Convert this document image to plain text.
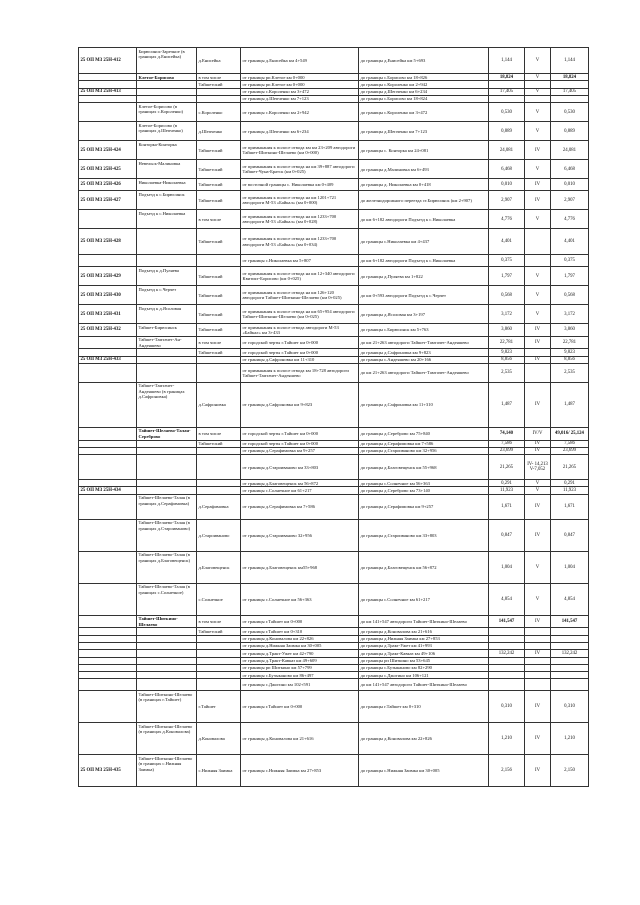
25 ОП МЗ 25Н-412	Бирюсинск-Заречное (в границах д.Енисейка)	д.Енисейка	от границы д.Енисейка км 4+549	до границы д.Енисейка км 5+693	1,144	V	1,144
	Клетое-Борисово	в том числе	от границы рп.Клетое км 0+000	до границы с.Борисово км 18+826	18,824	V	18,824
		Тайшетский	от границы рп.Клетое км 0+000	до границы с.Короленко км 2+942			
25 ОП МЗ 25Н-413			от границы с.Короленко км 3+472	до границы д.Шепченко км 6+234	17,405	V	17,405
			от границы д.Шепченко км 7+123	до границы с.Борисово км 18+824			
	Клетое-Борисово (в границах с.Короленко)	с.Короленко	от границы с.Короленко км 2+942	до границы с.Короленко км 3+472	0,530	V	0,530
	Клетое-Борисово (в границах д.Шепченко)	д.Шепченко	от границы д.Шепченко км 6+234	до границы д.Шепченко км 7+123	0,889	V	0,889
25 ОП МЗ 25Н-424	Конторка-Конторка	Тайшетский	от примыкания к полосе отвода км км 23+209 автодороги Тайшет-Шиткино-Шелаево (км 0+000)	до границы с. Конторка км 24+081	24,081	IV	24,081
25 ОП МЗ 25Н-425	Невельск-Малиновка	Тайшетский	от примыкания к полосе отвода на км 39+887 автодороги Тайшет-Чуна-Братск (км 0+025)	до границы д.Малиновка км 6+493	6,468	V	6,468
25 ОП МЗ 25Н-426	Николаевка-Николаевка	Тайшетский	от восточной границы с. Николаевка км 0+409	до границы д. Николаевка км 0+418	0,010	IV	0,010
25 ОП МЗ 25Н-427	Подъезд к с.Бирюсинск	Тайшетский	от примыкания к полосе отвода на км 1201+721 автодороги М-53 «Байкал» (км 0+000)	до железнодорожного переезда ст.Бирюсинск (км 2+907)	2,907	IV	2,907
	Подъезд к с.Николаевка	в том числе	от примыкания к полосе отвода на км 1233+700 автодороги М-53 «Байкал» (км 0+028)	до км 6+182 автодороги Подъезд к с.Николаевка	4,776	V	4,776
25 ОП МЗ 25Н-428		Тайшетский	от примыкания к полосе отвода на км 1233+700 автодороги М-53 «Байкал» (км 0+034)	до границы с.Николаевка км 4+437	4,401		4,401
			от границы с.Николаевка км 5+807	до км 6+182 автодороги Подъезд к с.Николаевка	0,375		0,375
25 ОП МЗ 25Н-429	Подъезд к д.Пуляева	Тайшетский	от примыкания к полосе отвода на км 12+340 автодороги Квитокт-Борисово (км 0+025)	до границы д.Пуляева км 1+822	1,797	V	1,797
25 ОП МЗ 25Н-430	Подъезд к с.Черчет	Тайшетский	от примыкания к полосе отвода на км 126+120 автодороги Тайшет-Шиткино-Шелаево (км 0+025)	до км 0+593 автодороги Подъезд к с.Черчет	0,568	V	0,568
25 ОП МЗ 25Н-431	Подъезд к д.Ясоловая	Тайшетский	от примыкания к полосе отвода на км 65+954 автодороги Тайшет-Шиткино-Шелаево (км 0+025)	до границы д.Ясоловая км 3+197	3,172	V	3,172
25 ОП МЗ 25Н-432	Тайшет-Бирюсинск	Тайшетский	от примыкания к полосе отвода автодороги М-53 «Байкал» км 3+433	до границы с.Бирюсинск км 5+763	3,860	IV	3,860
	Тайшет-Тамтачет-Ан-Андеяшево	в том числе	от городской черты г.Тайшет км 0+000	до км 21+263 автодороги Тайшет-Тамтачет-Андеяшево	22,781	IV	22,781
		Тайшетский	от городской черты г.Тайшет км 0+000	до границы д.Сафроновка км 9+823	9,823		9,823
25 ОП МЗ 25Н-433			от границы д.Сафроновка км 11+310	до границы с.Андеяшево км 20+166	8,856	IV	8,856
			от примыкания к полосе отвода км 18+728 автодороги Тайшет-Тамтачет-Андеяшево	до км 21+263 автодороги Тайшет-Тамтачет-Андеяшево	2,535		2,535
	Тайшет-Тамтачет-Андеяшево (в границах д.Сафроновка)	д.Сафроновка	от границы д.Сафроновка км 9+823	до границы д.Сафроновка км 11+310	1,487	IV	1,487
	Тайшет-Шелаево-Талая-Сереброво	в том числе	от городской черты г.Тайшет км 0+000	до границы д.Сереброво км 75+840	74,140	IV/V	49,016/ 25,124
		Тайшетский	от городской черты г.Тайшет км 0+000	до границы д.Серафимовка км 7+586	7,586	IV	7,586
			от границы д.Серафимовка км 9+257	до границы д.Староиваново км 32+956	23,699	IV	23,699
			от границы д.Староиваново км 33+803	до границы д.Благовещенск км 55+968	21,265	IV- 14,213 V-7,052	21,265
			от границы д.Благовещенск км 56+872	до границы с.Солнечное км 56+363	0,291	V	0,291
25 ОП МЗ 25Н-434			от границы с.Солнечное км 61+217	до границы д.Сереброво км 73+140	11,923	V	11,923
	Тайшет-Шелаево-Талая (в границах д.Серафимовка)	д.Серафимовка	от границы д.Серафимовка км 7+586	до границы д.Серафимовка км 9+257	1,671	IV	1,671
	Тайшет-Шелаево-Талая (в границах д.Староиваново)	д.Староиваново	от границы д.Староиваново 32+956	до границы д.Староиваново км 33+803	0,847	IV	0,847
	Тайшет-Шелаево-Талая (в границах д.Благовещенск)	д.Благовещенск	от границы д.Благовещенск км55+968	до границы д.Благовещенск км 56+872	1,004	V	1,004
	Тайшет-Шелаево-Талая (в границах с.Солнечное)	с.Солнечное	от границы с.Солнечное км 56+363	до границы с.Солнечное км 61+217	4,854	V	4,854
	Тайшет-Шиткино-Шелаево	в том числе	от границы г.Тайшет км 0+000	до км 141+547 автодороги Тайшет-Шиткино-Шелаево	141,547	IV	141,547
		Тайшетский	от границы г.Тайшет км 0+310	до границы д.Коновалова км 21+616			
			от границы д.Коновалова км 22+826	до границы д.Нижняя Заимка км 27+853			
			от границы д.Нижняя Заимка км 30+005	до границы д.Тракт-Ужет км 41+993			
			от границы д.Тракт-Ужет км 42+790	до границы д.Тракт-Кавказ км 49+106	132,242	IV	132,242
			от границы д.Тракт-Кавказ км 49+609	до границы рп Шиткино км 53+645			
			от границы рп Шиткино км 57+799	до границы с.Бузыканово км 82+290			
			от границы с.Бузыканово км 86+497	до границы с.Джогино км 106+121			
			от границы с.Джогино км 102+591	до км 141+547 автодороги Тайшет-Шиткино-Шелаево			
	Тайшет-Шиткино-Шелаево (в границах г.Тайшет)	г.Тайшет	от границы г.Тайшет км 0+000	до границы г.Тайшет км 0+310	0,310	IV	0,310
	Тайшет-Шиткино-Шелаево (в границах д.Коновалова)	д.Коновалова	от границы д.Коновалова км 21+616	до границы д.Коновалова км 22+826	1,210	IV	1,210
25 ОП МЗ 25Н-435	Тайшет-Шиткино-Шелаево (в границах с.Нижняя Заимка)	с.Нижняя Заимка	от границы с.Нижняя Заимка км 27+853	до границы с.Нижняя Заимка км 30+005	2,156	IV	2,150
